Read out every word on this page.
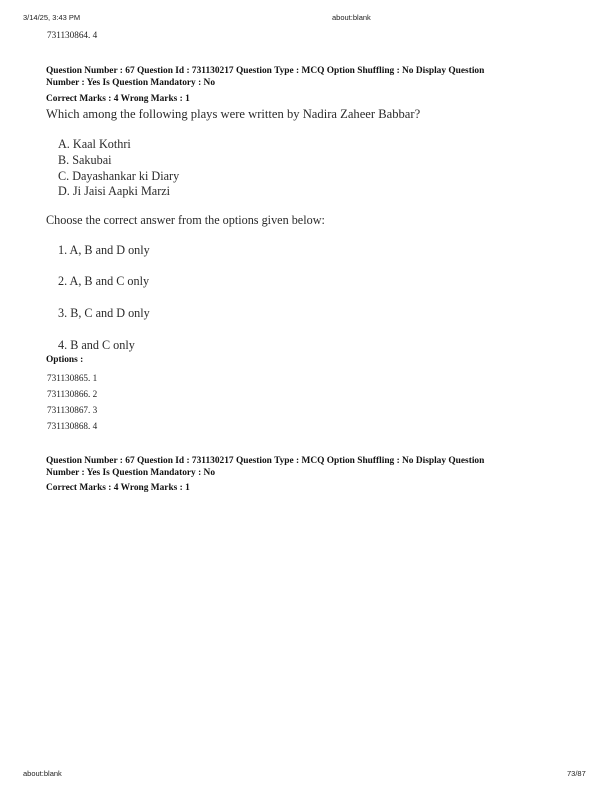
3/14/25, 3:43 PM	about:blank
731130864. 4
Question Number : 67 Question Id : 731130217 Question Type : MCQ Option Shuffling : No Display Question
Number : Yes Is Question Mandatory : No
Correct Marks : 4 Wrong Marks : 1
Which among the following plays were written by Nadira Zaheer Babbar?
A. Kaal Kothri
B. Sakubai
C. Dayashankar ki Diary
D. Ji Jaisi Aapki Marzi
Choose the correct answer from the options given below:
1. A, B and D only
2. A, B and C only
3. B, C and D only
4. B and C only
Options :
731130865. 1
731130866. 2
731130867. 3
731130868. 4
Question Number : 67 Question Id : 731130217 Question Type : MCQ Option Shuffling : No Display Question
Number : Yes Is Question Mandatory : No
Correct Marks : 4 Wrong Marks : 1
about:blank	73/87
